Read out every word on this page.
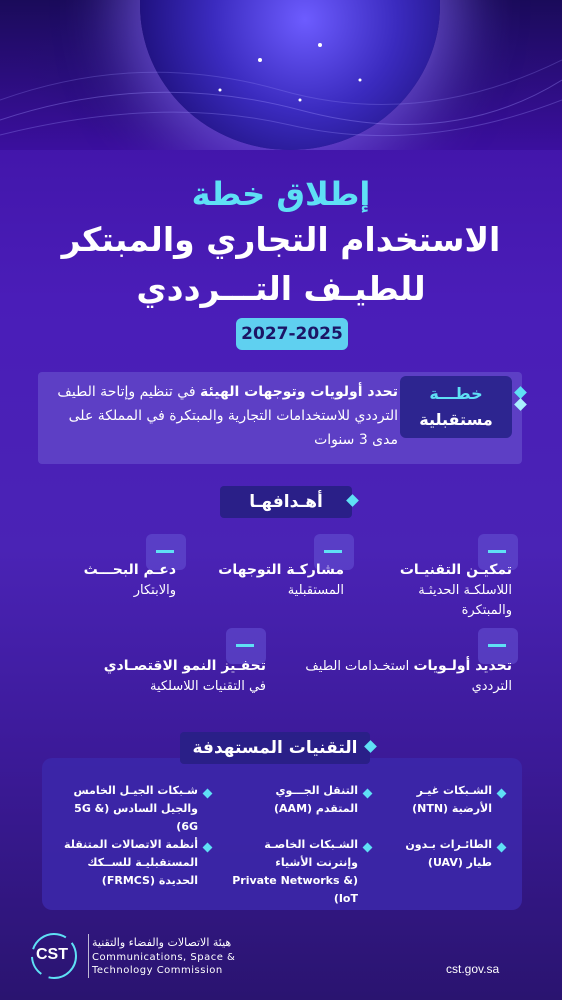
إطلاق خطة
الاستخدام التجاري والمبتكر
للطيـف التـــرددي
2027-2025
خطـــة
مستقبلية
تحدد أولويات وتوجهات الهيئة في تنظيم وإتاحة الطيف الترددي للاستخدامات التجارية والمبتكرة في المملكة على مدى 3 سنوات
أهـدافهـا
تمكيـن التقنيـات
اللاسلكـة الحديثـة والمبتكرة
مشاركـة التوجهات
المستقبلية
دعـم البحـــث
والابتكار
تحديد أولـويات استخـدامات الطيف الترددي
تحفـيز النمو الاقتصـادي
في التقنيات اللاسلكية
التقنيات المستهدفة
الشـبكات غيـر الأرضية (NTN)
التنقل الجـــوي المتقدم (AAM)
شـبكات الجيـل الخامس والجيل السادس (5G & 6G)
الطائـرات بـدون طيار (UAV)
الشـبكات الخاصـة وإنترنت الأشياء (Private Networks & IoT)
أنظمة الاتصالات المتنقلة المستقبليـة للســكك الحديدة (FRMCS)
CST
هيئة الاتصالات والفضاء والتقنية
Communications, Space &
Technology Commission	cst.gov.sa
